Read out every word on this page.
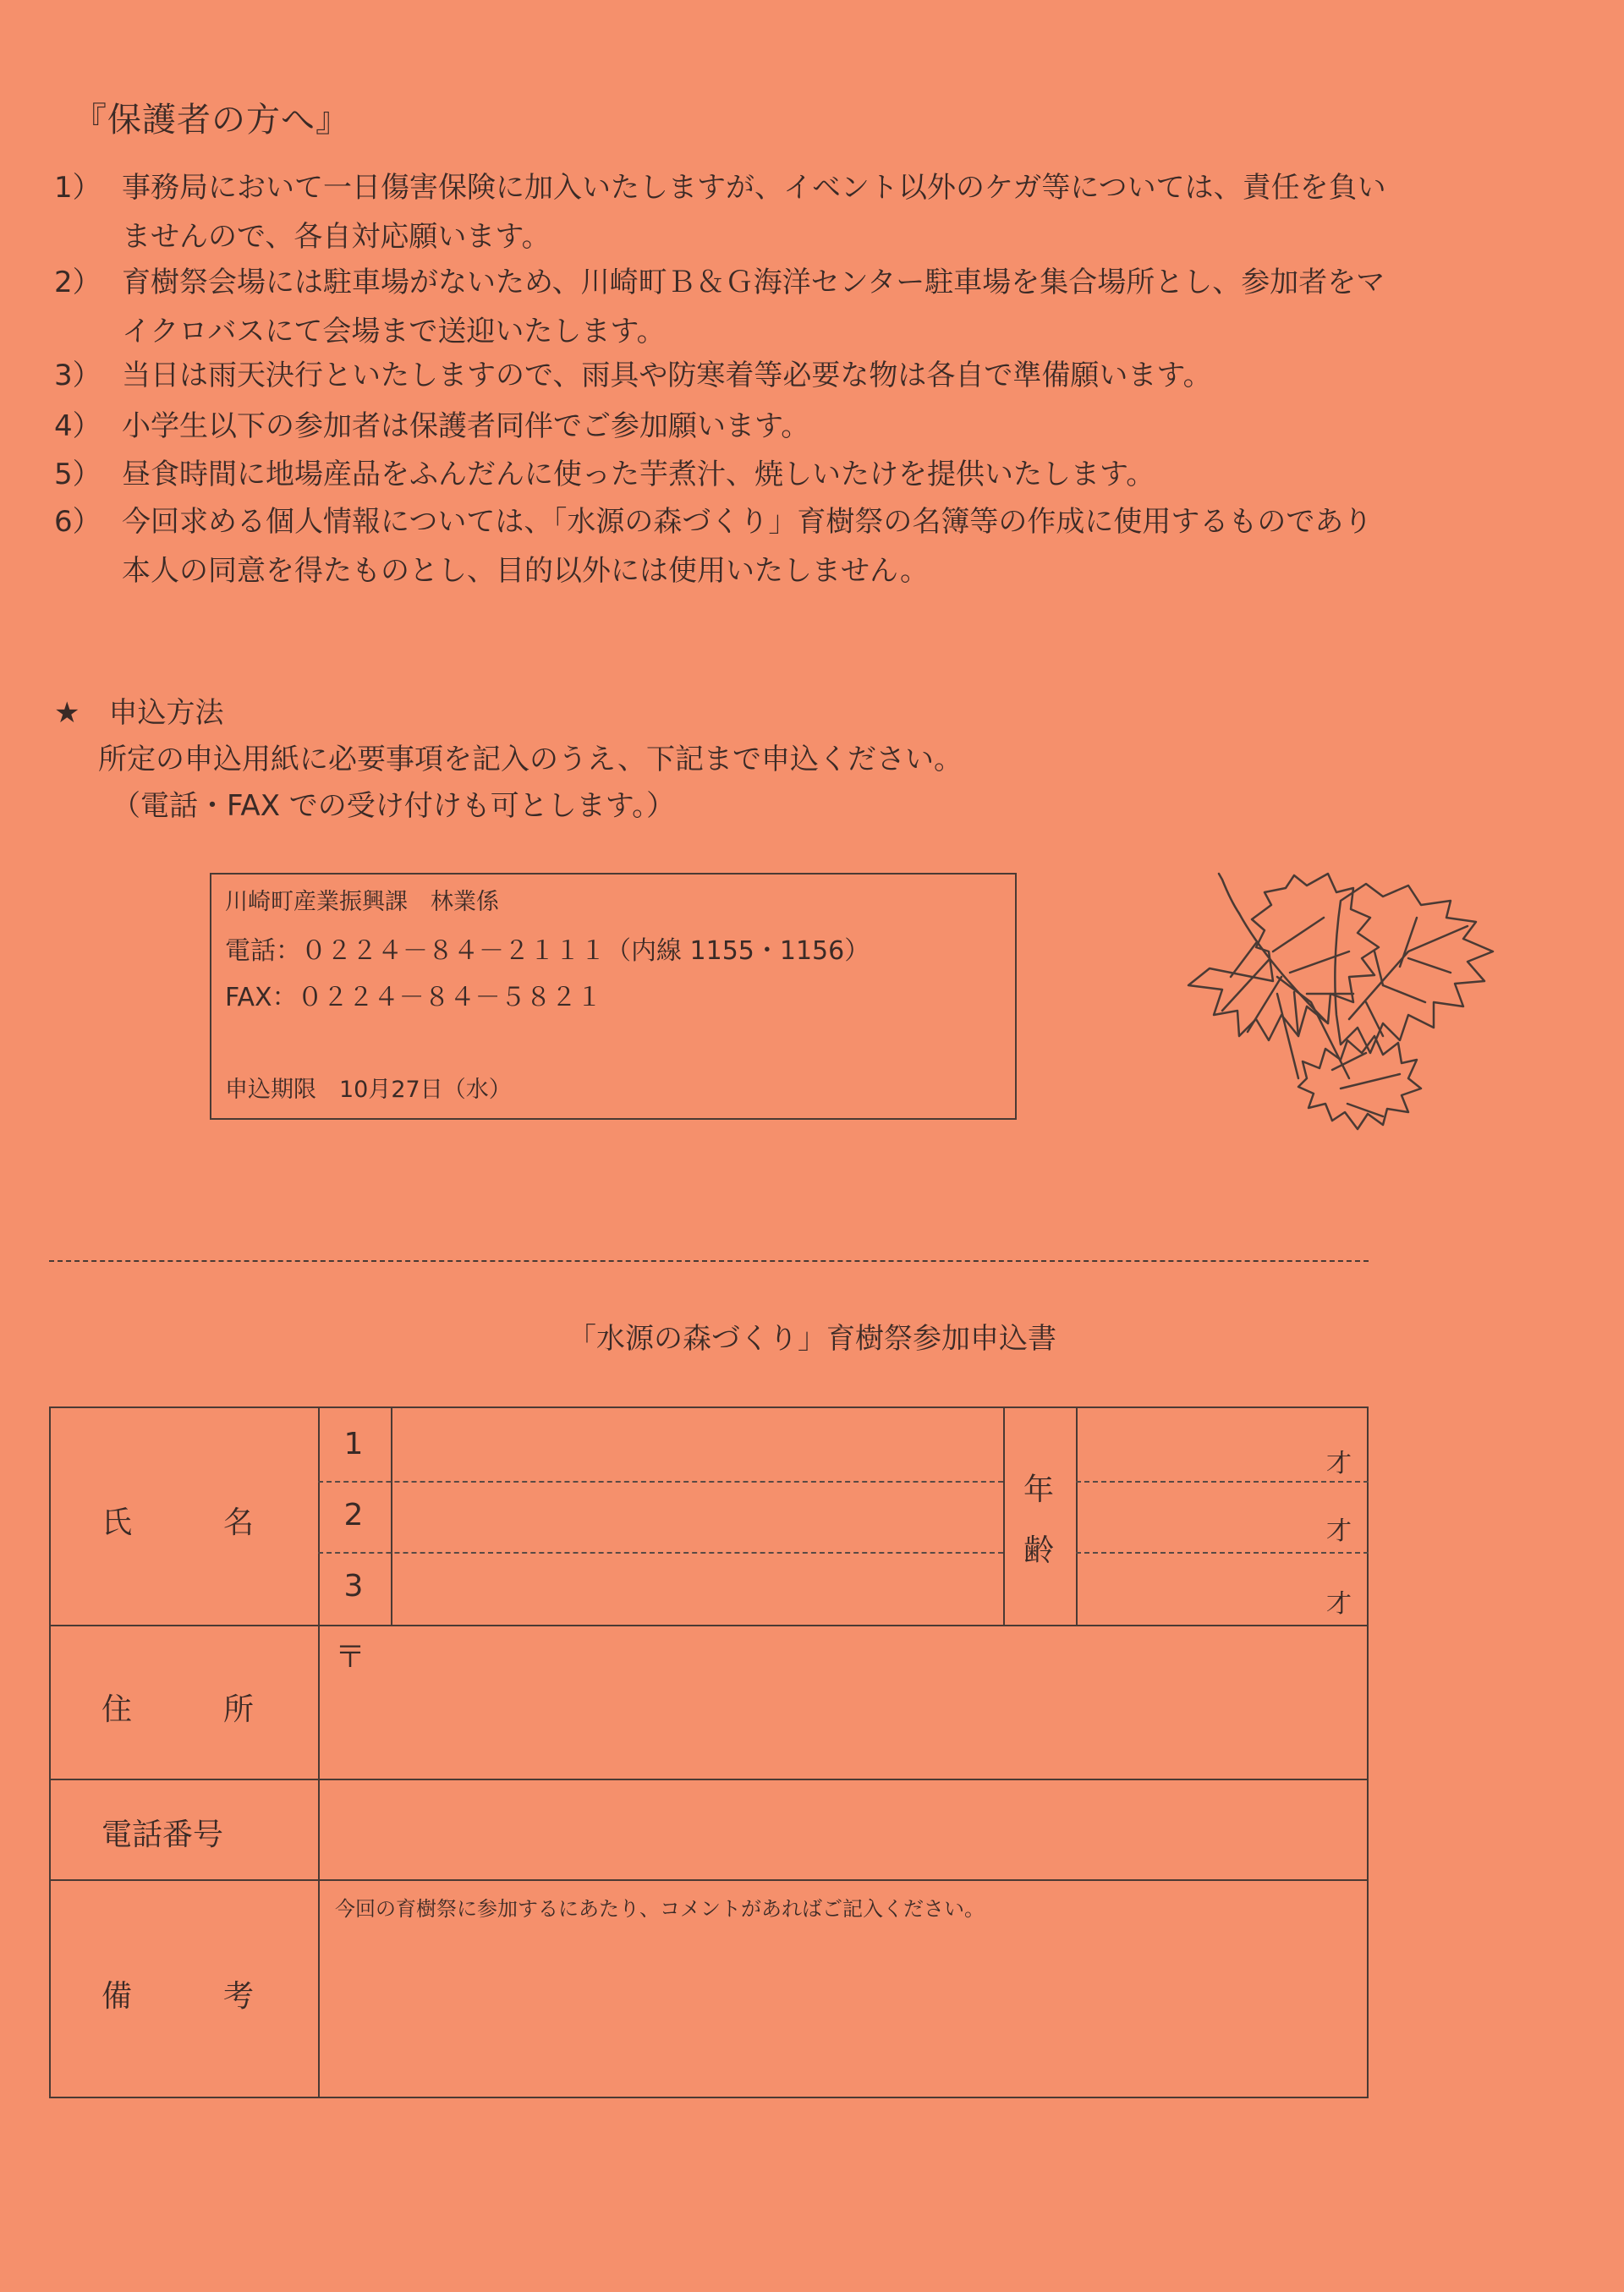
『保護者の方へ』
1） 事務局において一日傷害保険に加入いたしますが、イベント以外のケガ等については、責任を負い
ませんので、各自対応願います。
2） 育樹祭会場には駐車場がないため、川崎町Ｂ＆Ｇ海洋センター駐車場を集合場所とし、参加者をマ
イクロバスにて会場まで送迎いたします。
3） 当日は雨天決行といたしますので、雨具や防寒着等必要な物は各自で準備願います。
4） 小学生以下の参加者は保護者同伴でご参加願います。
5） 昼食時間に地場産品をふんだんに使った芋煮汁、焼しいたけを提供いたします。
6） 今回求める個人情報については、「水源の森づくり」育樹祭の名簿等の作成に使用するものであり
本人の同意を得たものとし、目的以外には使用いたしません。
★　申込方法
所定の申込用紙に必要事項を記入のうえ、下記まで申込ください。
（電話・FAX での受け付けも可とします。）
川崎町産業振興課　林業係
電話：０２２４－８４－２１１１（内線 1155・1156）
FAX：０２２４－８４－５８２１
申込期限　10月27日（水）
「水源の森づくり」育樹祭参加申込書
氏　　　名
1
2
3
年
齢
才
才
才
住　　　所
〒
電話番号
備　　　考
今回の育樹祭に参加するにあたり、コメントがあればご記入ください。
